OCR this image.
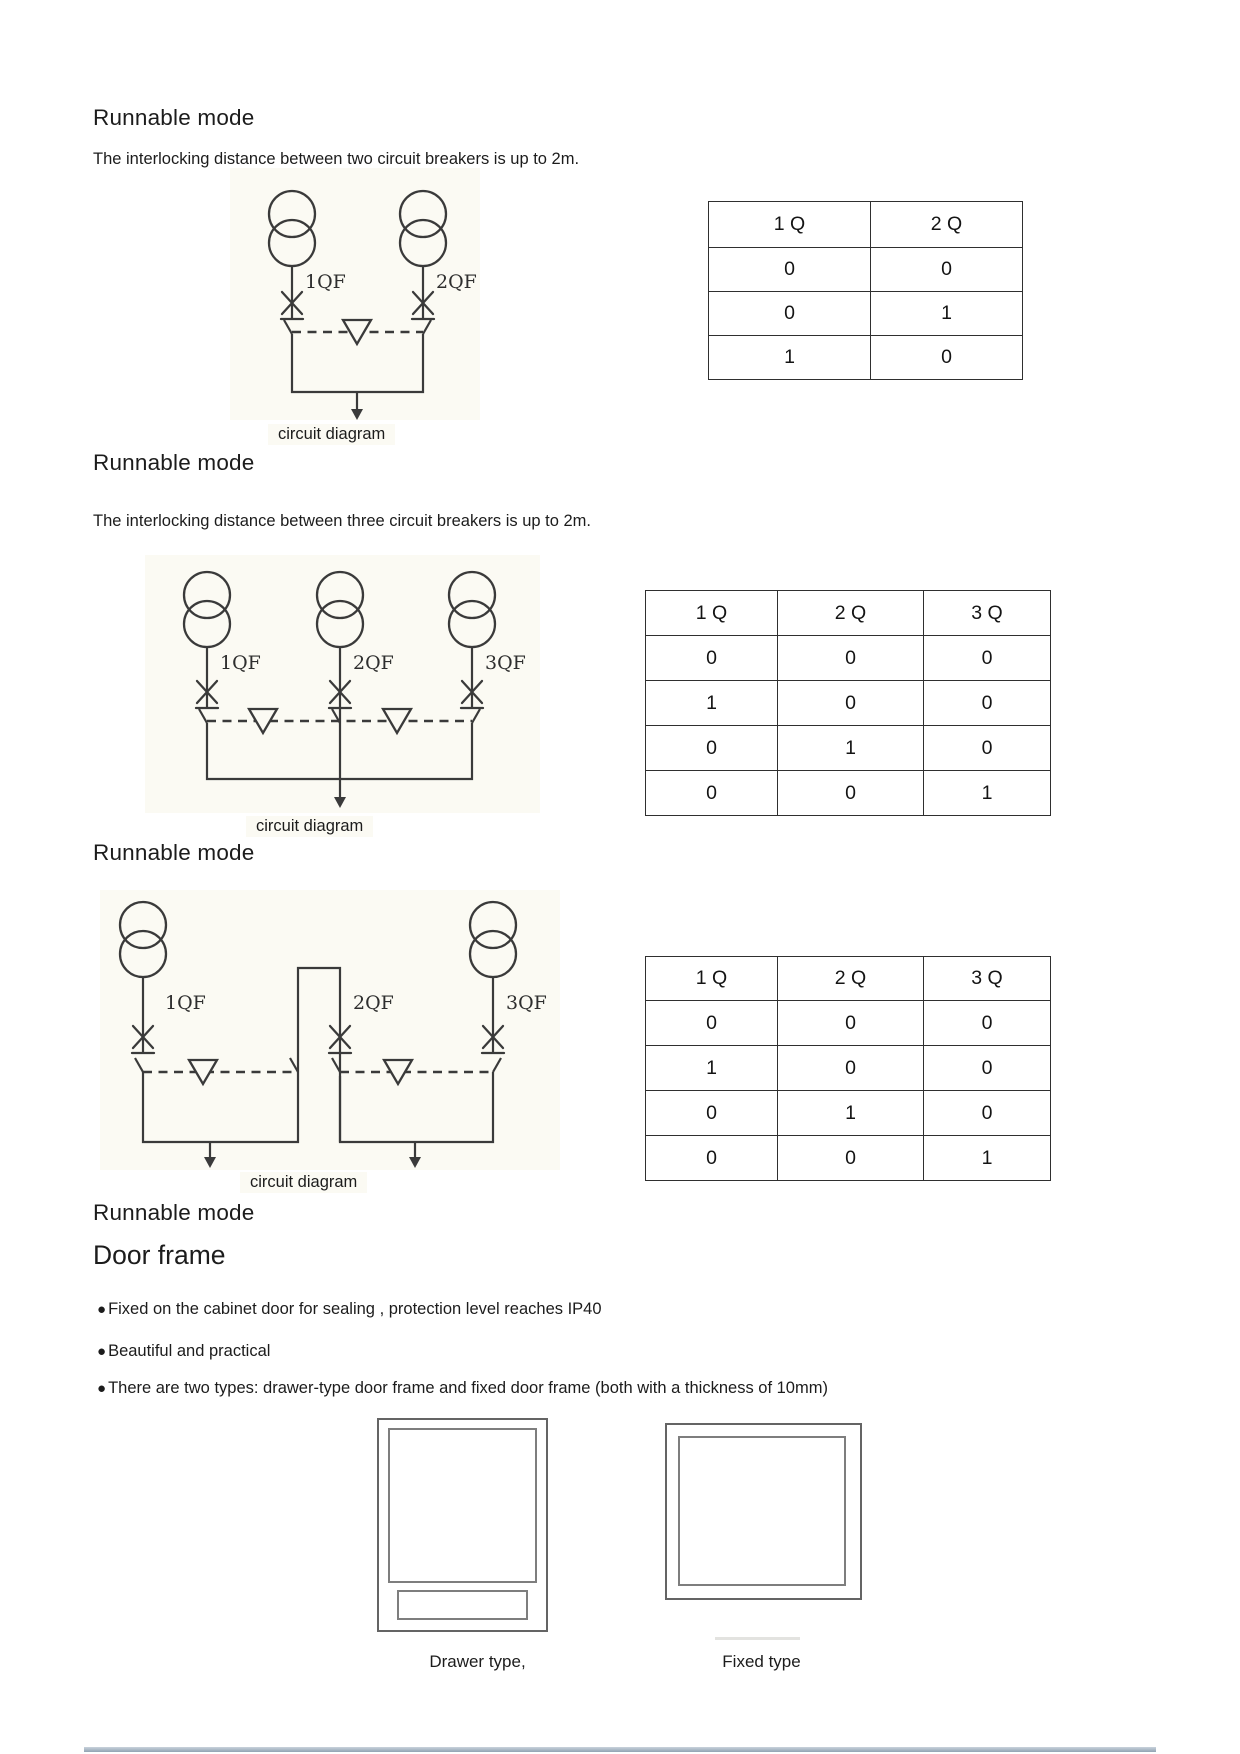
Runnable mode
The interlocking distance between two circuit breakers is up to 2m.
1QF	2QF
circuit diagram
1 Q	2 Q
0	0
0	1
1	0
Runnable mode
The interlocking distance between three circuit breakers is up to 2m.
1QF	2QF	3QF
circuit diagram
1 Q	2 Q	3 Q
0	0	0
1	0	0
0	1	0
0	0	1
Runnable mode
1QF	2QF	3QF
circuit diagram
1 Q	2 Q	3 Q
0	0	0
1	0	0
0	1	0
0	0	1
Runnable mode
Door frame
● Fixed on the cabinet door for sealing , protection level reaches IP40
● Beautiful and practical
● There are two types: drawer-type door frame and fixed door frame (both with a thickness of 10mm)
Drawer type,	Fixed type
